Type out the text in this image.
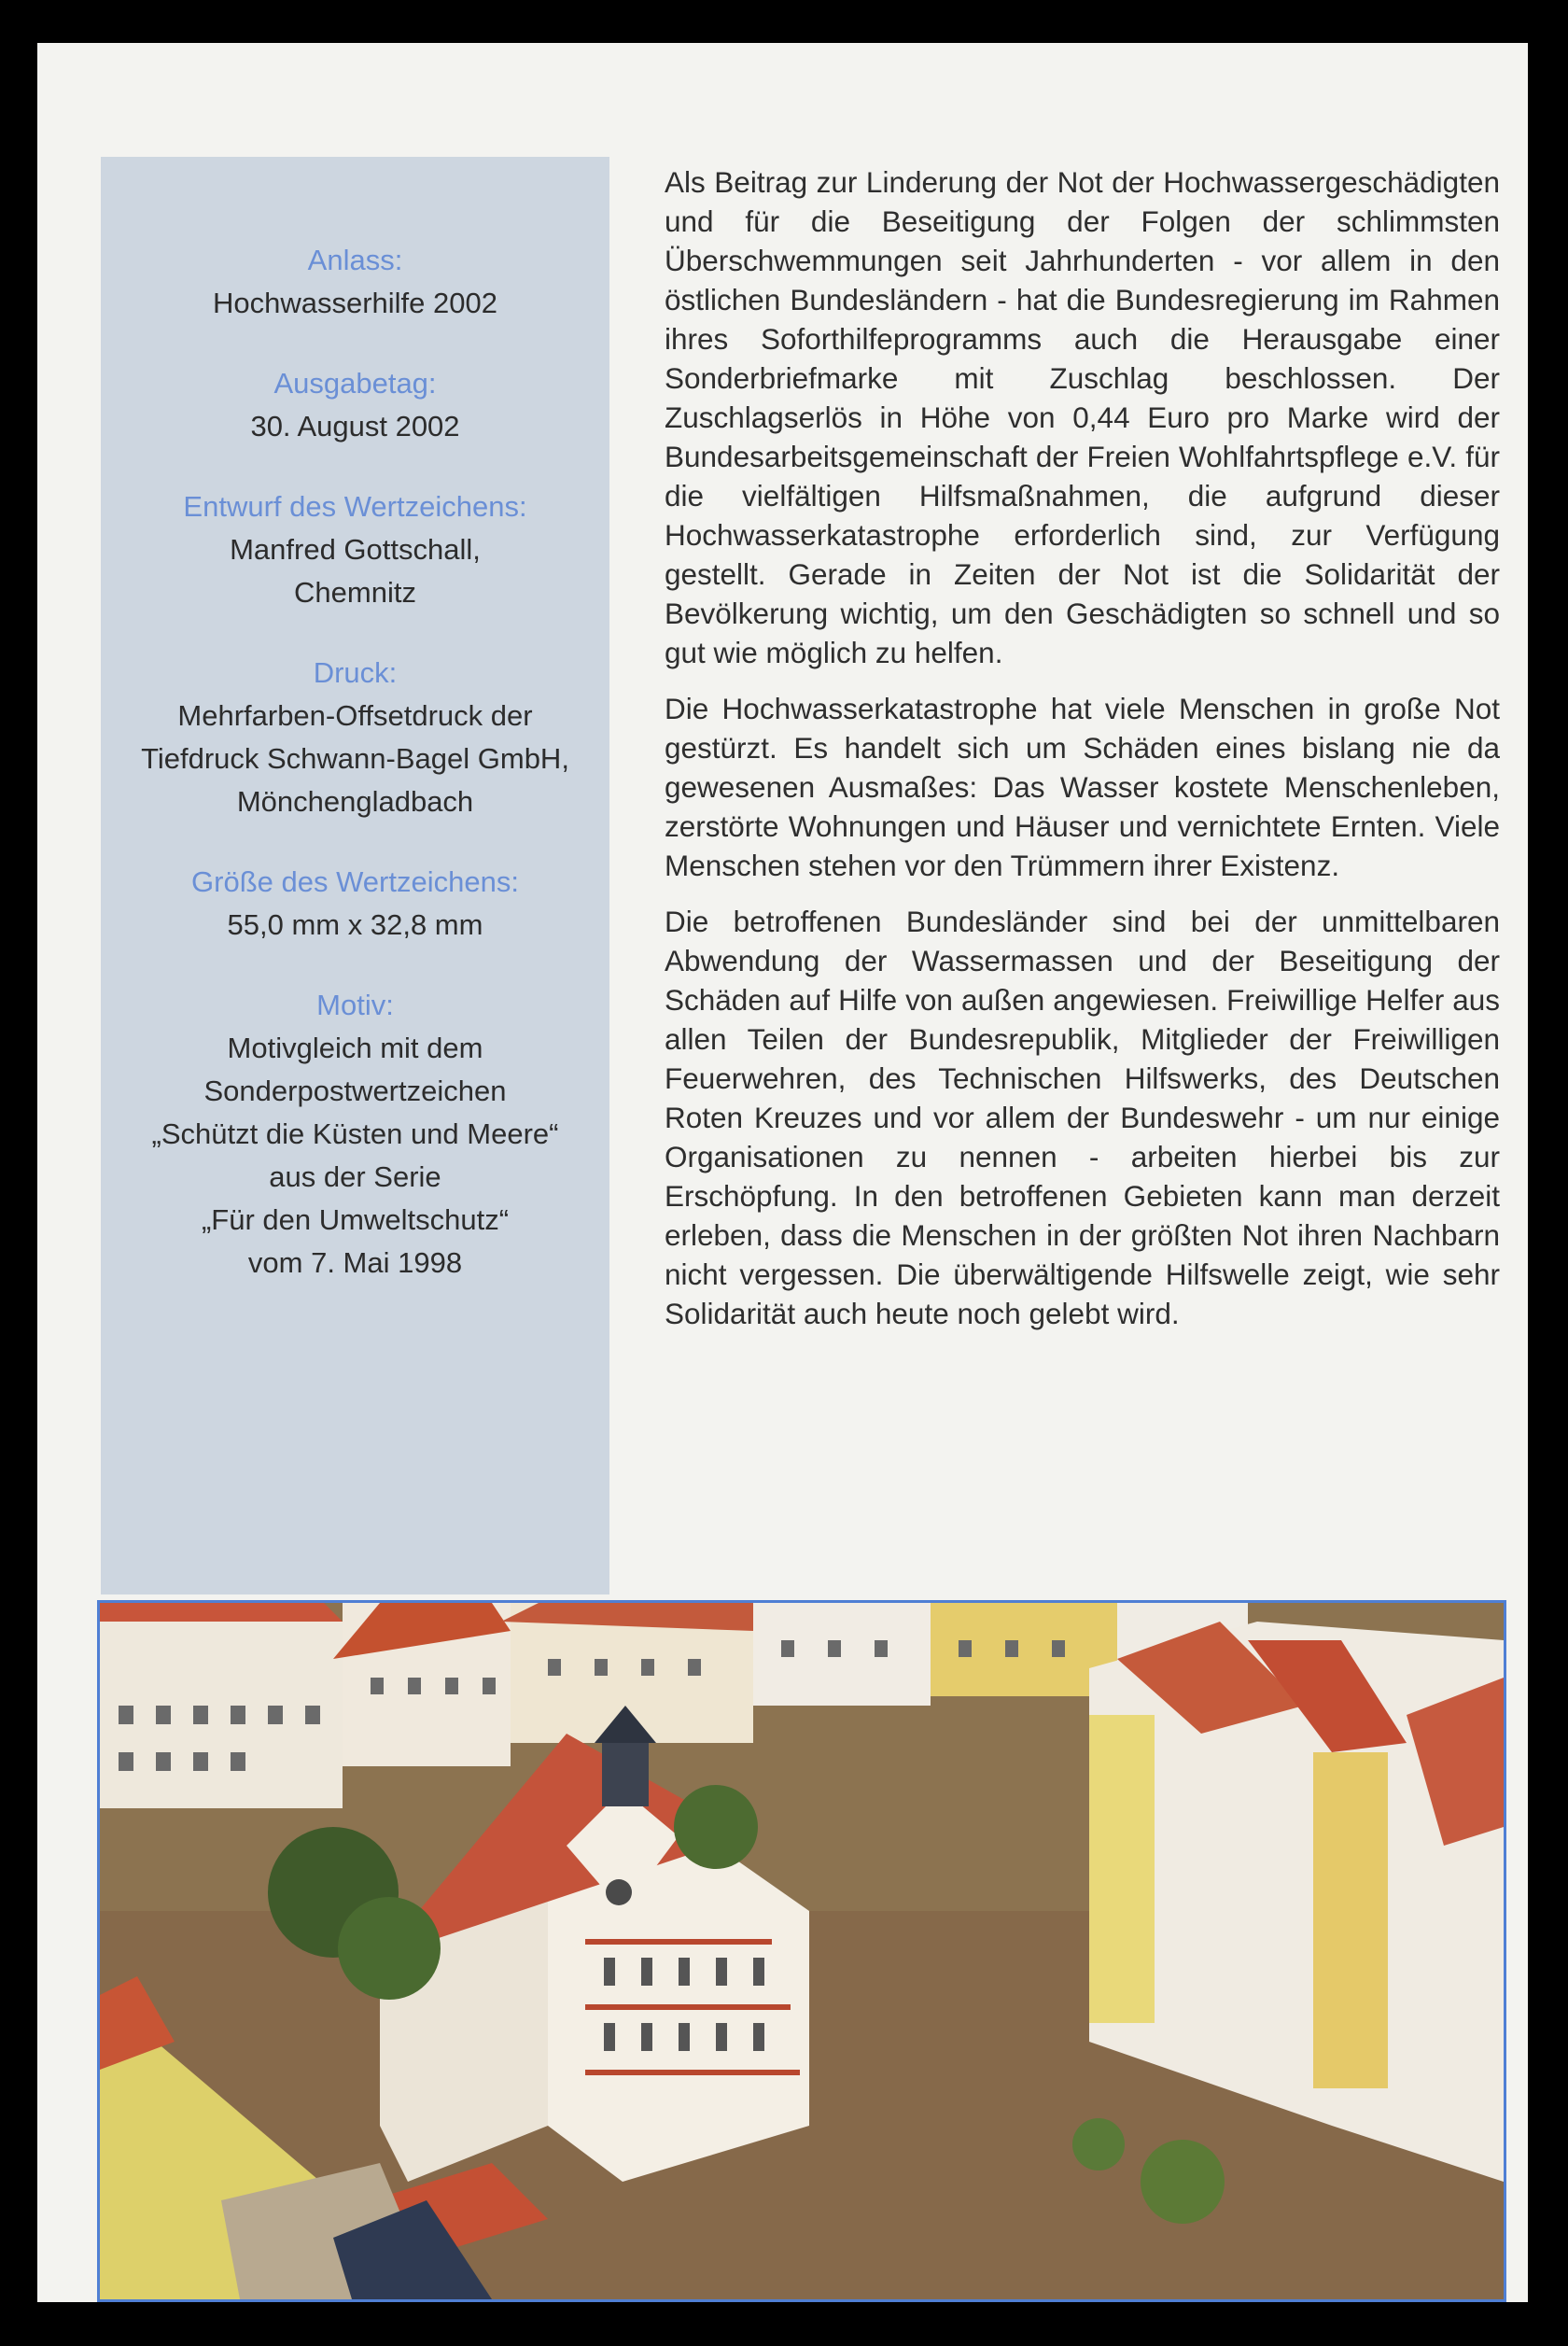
Anlass:
Hochwasserhilfe 2002
Ausgabetag:
30. August 2002
Entwurf des Wertzeichens:
Manfred Gottschall,
Chemnitz
Druck:
Mehrfarben-Offsetdruck der
Tiefdruck Schwann-Bagel GmbH,
Mönchengladbach
Größe des Wertzeichens:
55,0 mm x 32,8 mm
Motiv:
Motivgleich mit dem
Sonderpostwertzeichen
„Schützt die Küsten und Meere“
aus der Serie
„Für den Umweltschutz“
vom 7. Mai 1998

Als Beitrag zur Linderung der Not der Hochwassergeschädigten und für die Beseitigung der Folgen der schlimmsten Überschwemmungen seit Jahrhunderten - vor allem in den östlichen Bundesländern - hat die Bundesregierung im Rahmen ihres Soforthilfeprogramms auch die Herausgabe einer Sonderbriefmarke mit Zuschlag beschlossen. Der Zuschlagserlös in Höhe von 0,44 Euro pro Marke wird der Bundesarbeitsgemeinschaft der Freien Wohlfahrtspflege e.V. für die vielfältigen Hilfsmaßnahmen, die aufgrund dieser Hochwasserkatastrophe erforderlich sind, zur Verfügung gestellt. Gerade in Zeiten der Not ist die Solidarität der Bevölkerung wichtig, um den Geschädigten so schnell und so gut wie möglich zu helfen.

Die Hochwasserkatastrophe hat viele Menschen in große Not gestürzt. Es handelt sich um Schäden eines bislang nie da gewesenen Ausmaßes: Das Wasser kostete Menschenleben, zerstörte Wohnungen und Häuser und vernichtete Ernten. Viele Menschen stehen vor den Trümmern ihrer Existenz.

Die betroffenen Bundesländer sind bei der unmittelbaren Abwendung der Wassermassen und der Beseitigung der Schäden auf Hilfe von außen angewiesen. Freiwillige Helfer aus allen Teilen der Bundesrepublik, Mitglieder der Freiwilligen Feuerwehren, des Technischen Hilfswerks, des Deutschen Roten Kreuzes und vor allem der Bundeswehr - um nur einige Organisationen zu nennen - arbeiten hierbei bis zur Erschöpfung. In den betroffenen Gebieten kann man derzeit erleben, dass die Menschen in der größten Not ihren Nachbarn nicht vergessen. Die überwältigende Hilfswelle zeigt, wie sehr Solidarität auch heute noch gelebt wird.
